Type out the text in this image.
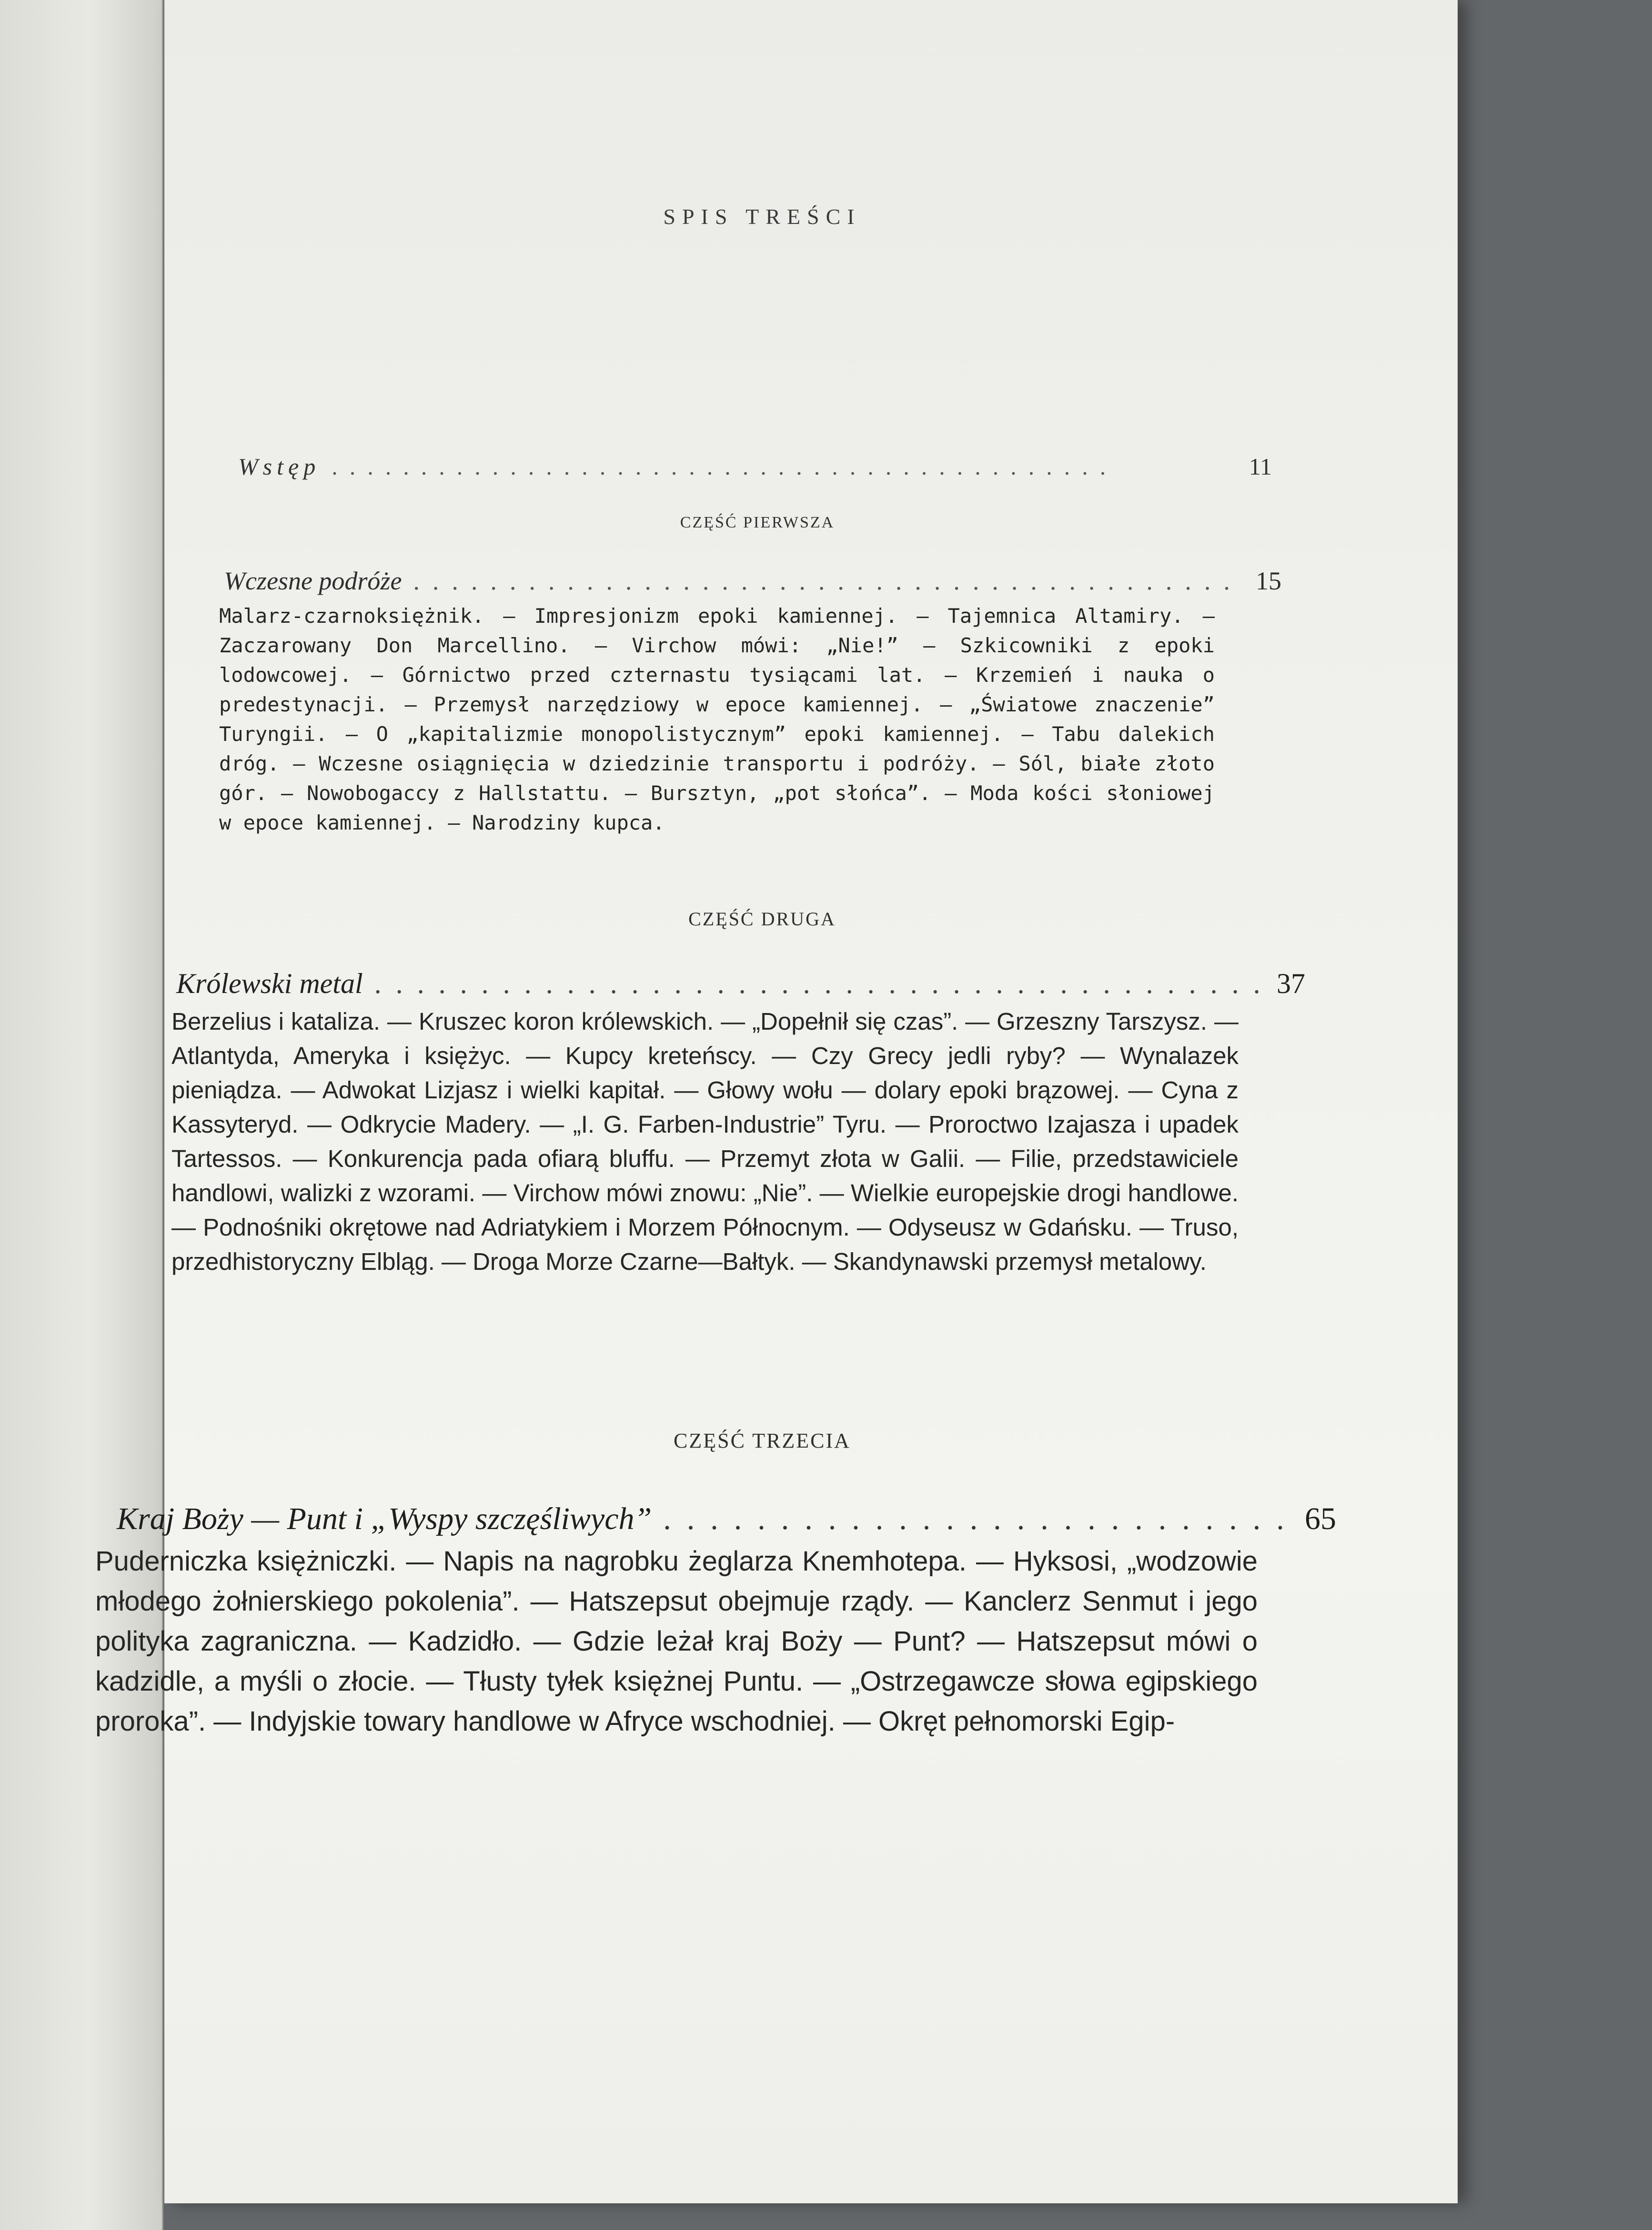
SPIS TREŚCI
Wstęp . .	11
CZĘŚĆ PIERWSZA
Wczesne podróże . .	15
Malarz-czarnoksiężnik. — Impresjonizm epoki kamiennej. — Tajemnica Altamiry. — Zaczarowany Don Marcellino. — Virchow mówi: „Nie!” — Szkicowniki z epoki lodowcowej. — Górnictwo przed czternastu tysiącami lat. — Krzemień i nauka o predestynacji. — Przemysł narzędziowy w epoce kamiennej. — „Światowe znaczenie” Turyngii. — O „kapitalizmie monopolistycznym” epoki kamiennej. — Tabu dalekich dróg. — Wczesne osiągnięcia w dziedzinie transportu i podróży. — Sól, białe złoto gór. — Nowobogaccy z Hallstattu. — Bursztyn, „pot słońca”. — Moda kości słoniowej w epoce kamiennej. — Narodziny kupca.
CZĘŚĆ DRUGA
Królewski metal . .	37
Berzelius i kataliza. — Kruszec koron królewskich. — „Dopełnił się czas”. — Grzeszny Tarszysz. — Atlantyda, Ameryka i księżyc. — Kupcy kreteńscy. — Czy Grecy jedli ryby? — Wynalazek pieniądza. — Adwokat Lizjasz i wielki kapitał. — Głowy wołu — dolary epoki brązowej. — Cyna z Kassyteryd. — Odkrycie Madery. — „I. G. Farben-Industrie” Tyru. — Proroctwo Izajasza i upadek Tartessos. — Konkurencja pada ofiarą bluffu. — Przemyt złota w Galii. — Filie, przedstawiciele handlowi, walizki z wzorami. — Virchow mówi znowu: „Nie”. — Wielkie europejskie drogi handlowe. — Podnośniki okrętowe nad Adriatykiem i Morzem Północnym. — Odyseusz w Gdańsku. — Truso, przedhistoryczny Elbląg. — Droga Morze Czarne—Bałtyk. — Skandynawski przemysł metalowy.
CZĘŚĆ TRZECIA
Kraj Boży — Punt i „Wyspy szczęśliwych” . .	65
Puderniczka księżniczki. — Napis na nagrobku żeglarza Knemhotepa. — Hyksosi, „wodzowie młodego żołnierskiego pokolenia”. — Hatszepsut obejmuje rządy. — Kanclerz Senmut i jego polityka zagraniczna. — Kadzidło. — Gdzie leżał kraj Boży — Punt? — Hatszepsut mówi o kadzidle, a myśli o złocie. — Tłusty tyłek księżnej Puntu. — „Ostrzegawcze słowa egipskiego proroka”. — Indyjskie towary handlowe w Afryce wschodniej. — Okręt pełnomorski Egip-
